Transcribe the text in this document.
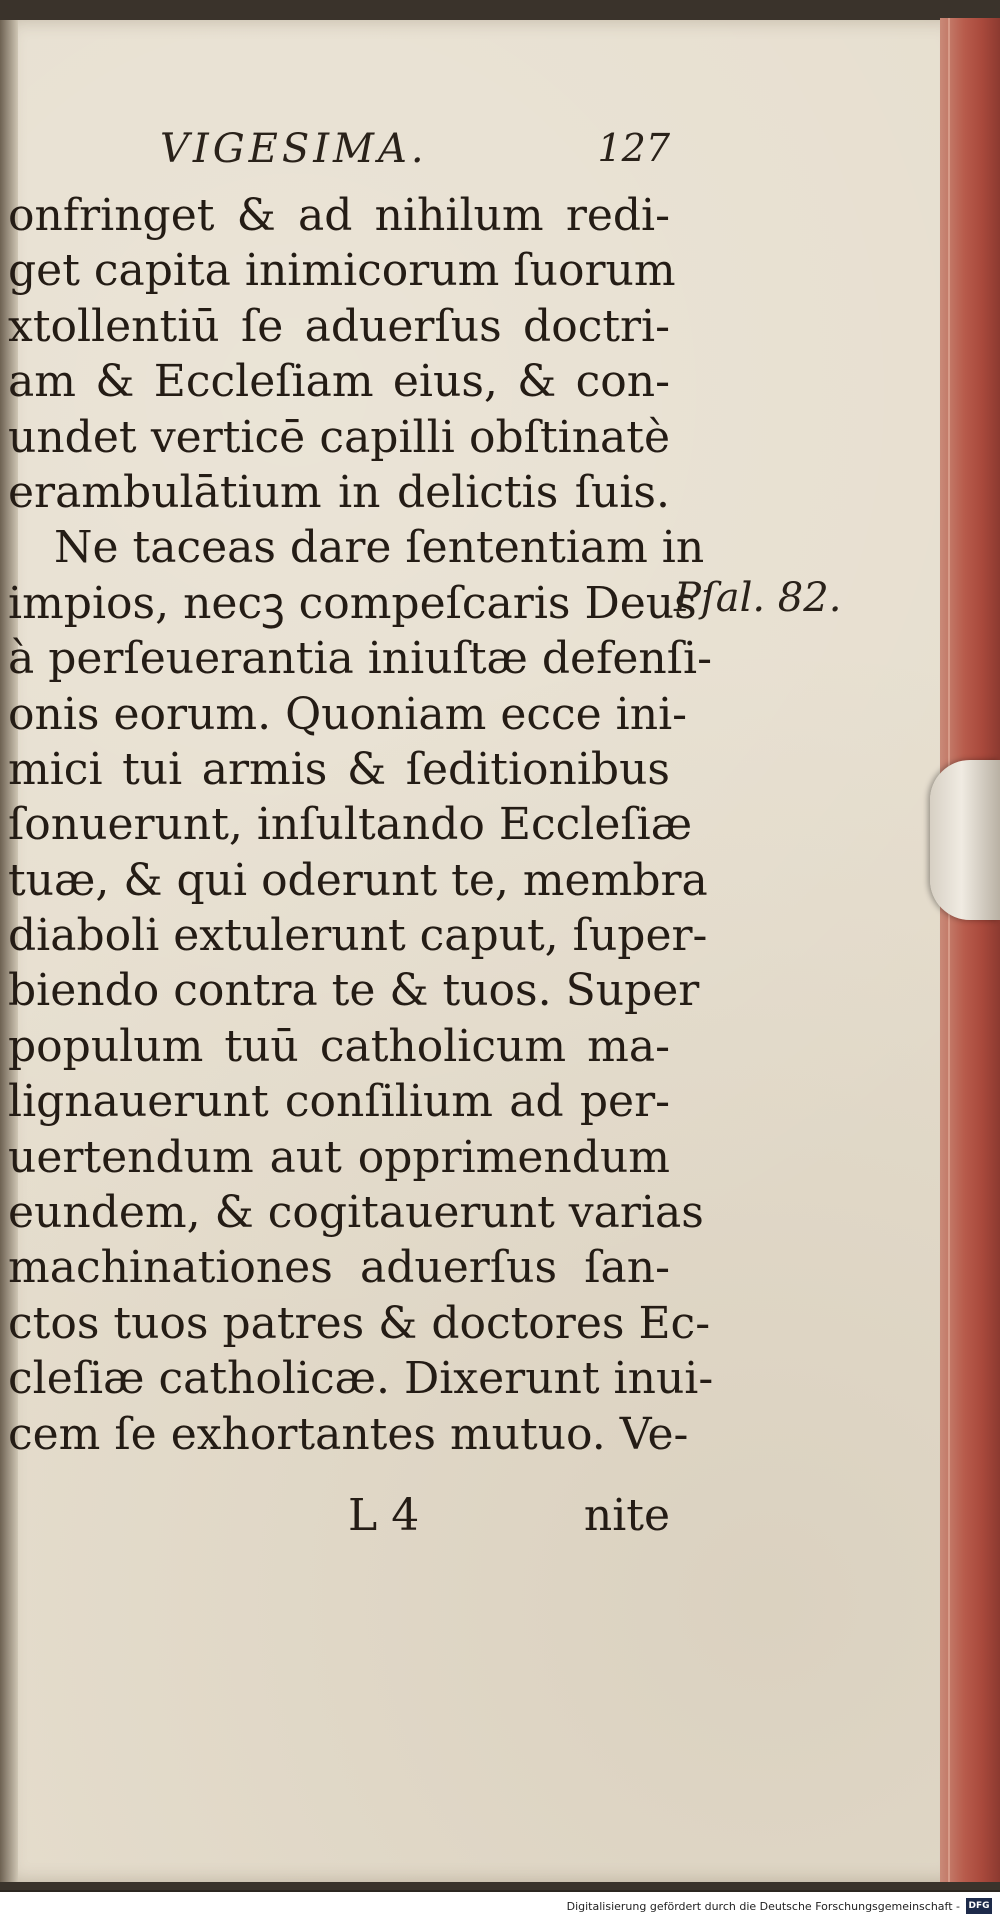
VIGESIMA.	127
onfringet & ad nihilum redi-
get capita inimicorum ſuorum
xtollentiū ſe aduerſus doctri-
am & Eccleſiam eius, & con-
undet verticē capilli obſtinatè
erambulātium in delictis ſuis.
Ne taceas dare ſententiam in
impios, necꝫ compeſcaris Deus
à perſeuerantia iniuſtæ defenſi-
onis eorum. Quoniam ecce ini-
mici tui armis & ſeditionibus
ſonuerunt, inſultando Eccleſiæ
tuæ, & qui oderunt te, membra
diaboli extulerunt caput, ſuper-
biendo contra te & tuos. Super
populum tuū catholicum ma-
lignauerunt conſilium ad per-
uertendum aut opprimendum
eundem, & cogitauerunt varias
machinationes aduerſus ſan-
ctos tuos patres & doctores Ec-
cleſiæ catholicæ. Dixerunt inui-
cem ſe exhortantes mutuo. Ve-
Pſal. 82.
L 4	nite
Digitalisierung gefördert durch die Deutsche Forschungsgemeinschaft - DFG
